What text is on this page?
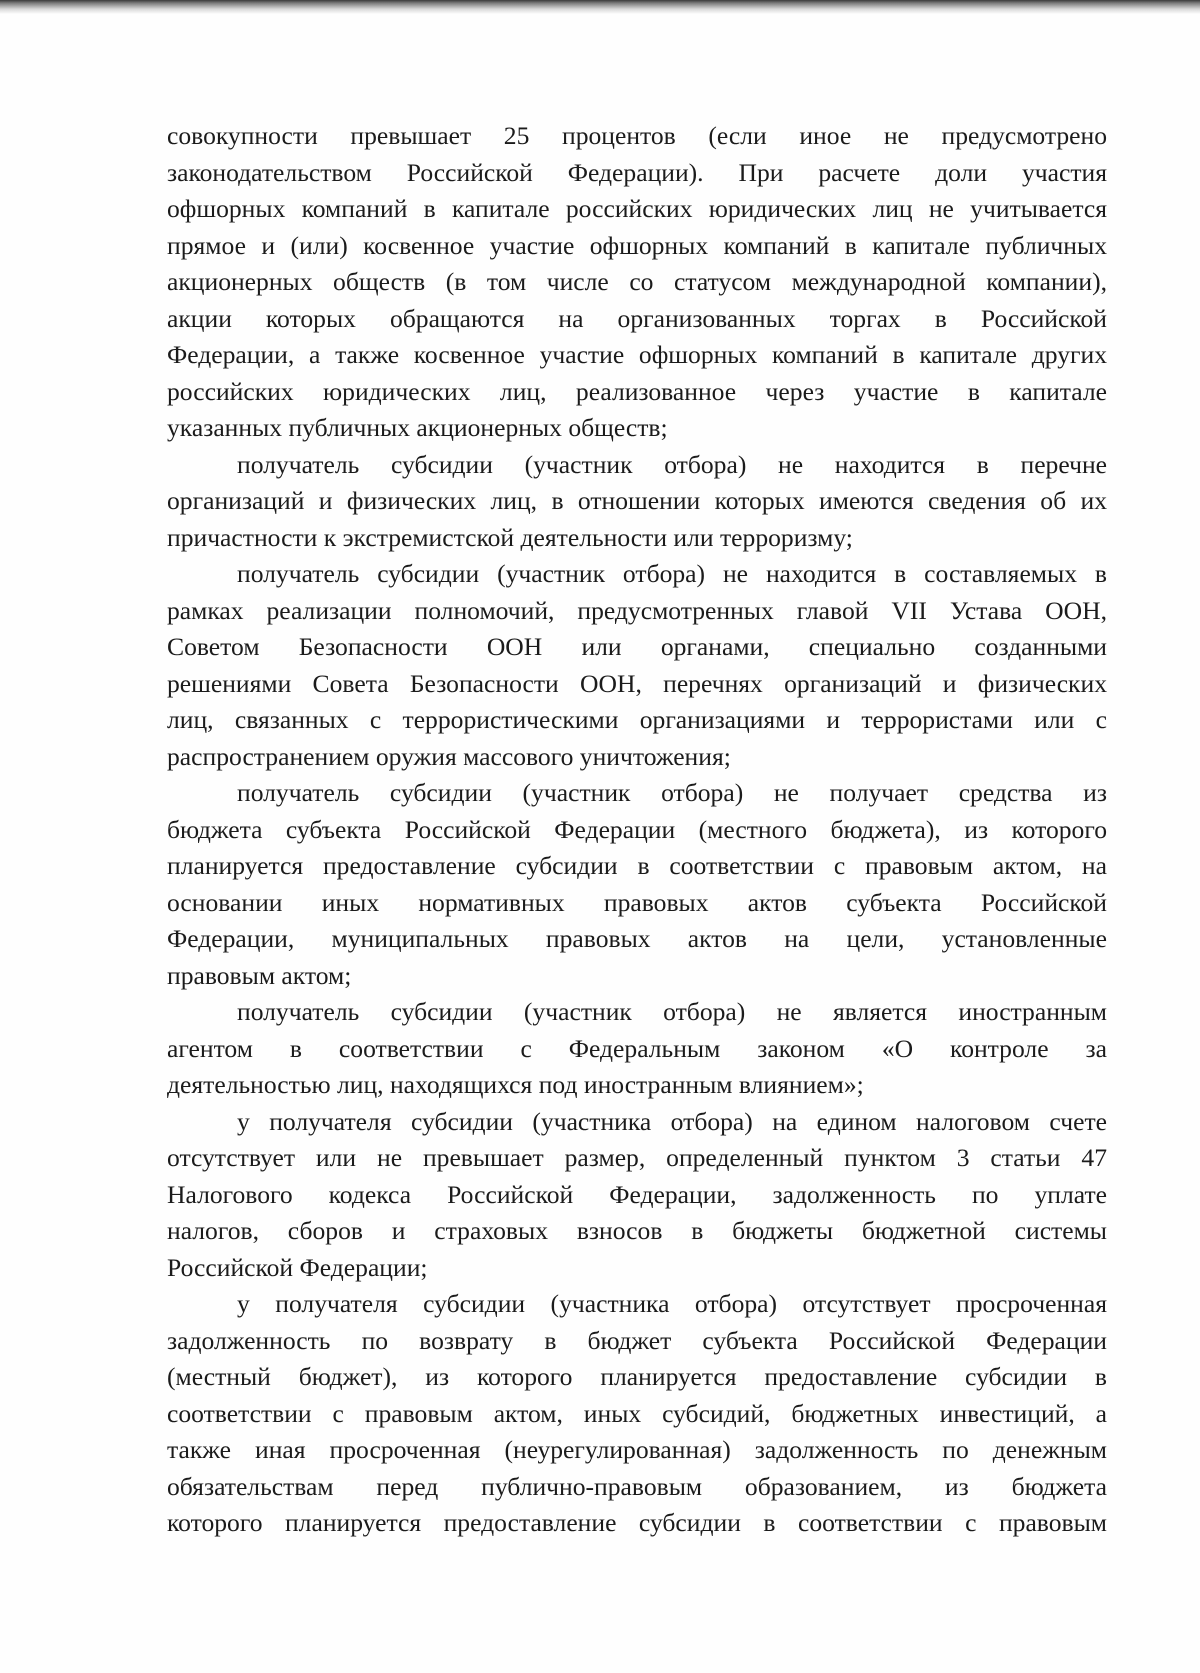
совокупности превышает 25 процентов (если иное не предусмотрено
законодательством Российской Федерации). При расчете доли участия
офшорных компаний в капитале российских юридических лиц не учитывается
прямое и (или) косвенное участие офшорных компаний в капитале публичных
акционерных обществ (в том числе со статусом международной компании),
акции которых обращаются на организованных торгах в Российской
Федерации, а также косвенное участие офшорных компаний в капитале других
российских юридических лиц, реализованное через участие в капитале
указанных публичных акционерных обществ;
получатель субсидии (участник отбора) не находится в перечне
организаций и физических лиц, в отношении которых имеются сведения об их
причастности к экстремистской деятельности или терроризму;
получатель субсидии (участник отбора) не находится в составляемых в
рамках реализации полномочий, предусмотренных главой VII Устава ООН,
Советом Безопасности ООН или органами, специально созданными
решениями Совета Безопасности ООН, перечнях организаций и физических
лиц, связанных с террористическими организациями и террористами или с
распространением оружия массового уничтожения;
получатель субсидии (участник отбора) не получает средства из
бюджета субъекта Российской Федерации (местного бюджета), из которого
планируется предоставление субсидии в соответствии с правовым актом, на
основании иных нормативных правовых актов субъекта Российской
Федерации, муниципальных правовых актов на цели, установленные
правовым актом;
получатель субсидии (участник отбора) не является иностранным
агентом в соответствии с Федеральным законом «О контроле за
деятельностью лиц, находящихся под иностранным влиянием»;
у получателя субсидии (участника отбора) на едином налоговом счете
отсутствует или не превышает размер, определенный пунктом 3 статьи 47
Налогового кодекса Российской Федерации, задолженность по уплате
налогов, сборов и страховых взносов в бюджеты бюджетной системы
Российской Федерации;
у получателя субсидии (участника отбора) отсутствует просроченная
задолженность по возврату в бюджет субъекта Российской Федерации
(местный бюджет), из которого планируется предоставление субсидии в
соответствии с правовым актом, иных субсидий, бюджетных инвестиций, а
также иная просроченная (неурегулированная) задолженность по денежным
обязательствам перед публично-правовым образованием, из бюджета
которого планируется предоставление субсидии в соответствии с правовым
